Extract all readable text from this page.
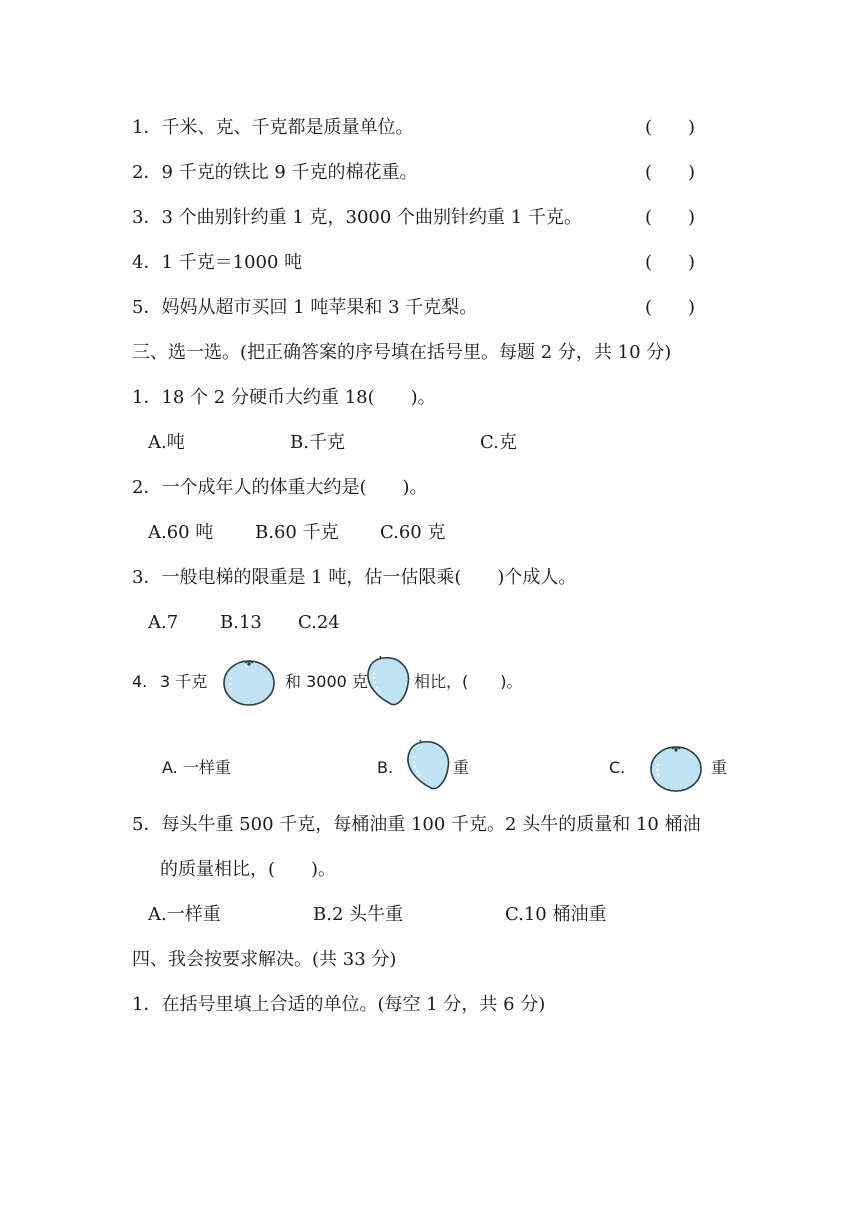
1．千米、克、千克都是质量单位。	(　　)
2．9 千克的铁比 9 千克的棉花重。	(　　)
3．3 个曲别针约重 1 克，3000 个曲别针约重 1 千克。	(　　)
4．1 千克＝1000 吨	(　　)
5．妈妈从超市买回 1 吨苹果和 3 千克梨。	(　　)
三、选一选。(把正确答案的序号填在括号里。每题 2 分，共 10 分)
1．18 个 2 分硬币大约重 18(　　)。
A.吨	B.千克	C.克
2．一个成年人的体重大约是(　　)。
A.60 吨 B.60 千克 C.60 克
3．一般电梯的限重是 1 吨，估一估限乘(　　)个成人。
A.7 B.13 C.24
4. 3 千克	和 3000 克	相比，(　　)。
A. 一样重	B.	重	C.	重
5．每头牛重 500 千克，每桶油重 100 千克。2 头牛的质量和 10 桶油
的质量相比，(　　)。
A.一样重	B.2 头牛重	C.10 桶油重
四、我会按要求解决。(共 33 分)
1．在括号里填上合适的单位。(每空 1 分，共 6 分)
